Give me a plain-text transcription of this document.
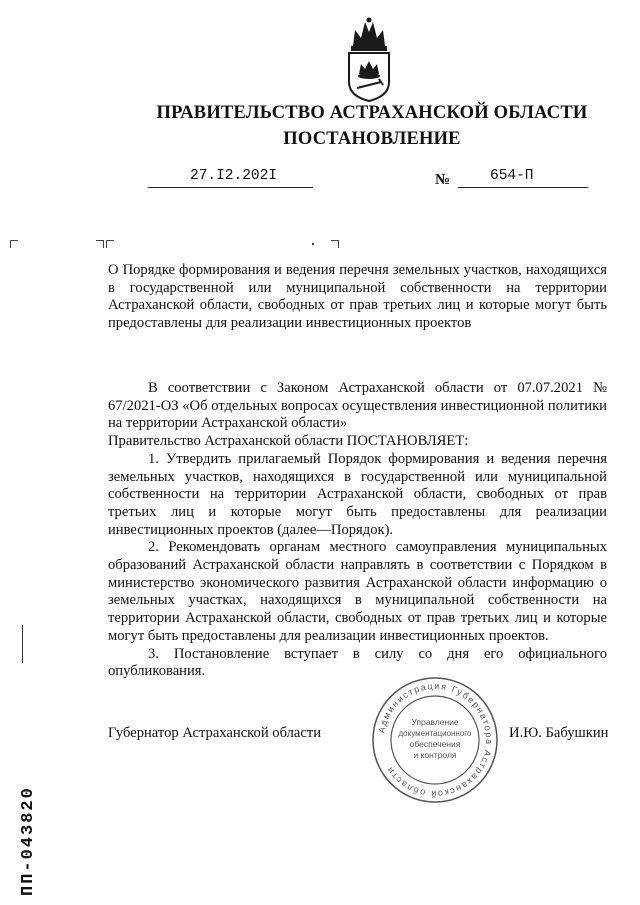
ПРАВИТЕЛЬСТВО АСТРАХАНСКОЙ ОБЛАСТИ
ПОСТАНОВЛЕНИЕ
27.I2.202I	№	654-П
О Порядке формирования и ведения перечня земельных участков, находящихся в государственной или муниципальной собственности на территории Астраханской области, свободных от прав третьих лиц и которые могут быть предоставлены для реализации инвестиционных проектов

В соответствии с Законом Астраханской области от 07.07.2021 № 67/2021-ОЗ «Об отдельных вопросах осуществления инвестиционной политики на территории Астраханской области»

Правительство Астраханской области ПОСТАНОВЛЯЕТ:

1. Утвердить прилагаемый Порядок формирования и ведения перечня земельных участков, находящихся в государственной или муниципальной собственности на территории Астраханской области, свободных от прав третьих лиц и которые могут быть предоставлены для реализации инвестиционных проектов (далее—Порядок).

2. Рекомендовать органам местного самоуправления муниципальных образований Астраханской области направлять в соответствии с Порядком в министерство экономического развития Астраханской области информацию о земельных участках, находящихся в муниципальной собственности на территории Астраханской области, свободных от прав третьих лиц и которые могут быть предоставлены для реализации инвестиционных проектов.

3. Постановление вступает в силу со дня его официального опубликования.

Губернатор Астраханской области	И.Ю. Бабушкин
Администрация Губернатора Астраханской области
Управление
документационного
обеспечения
и контроля
ПП-043820
